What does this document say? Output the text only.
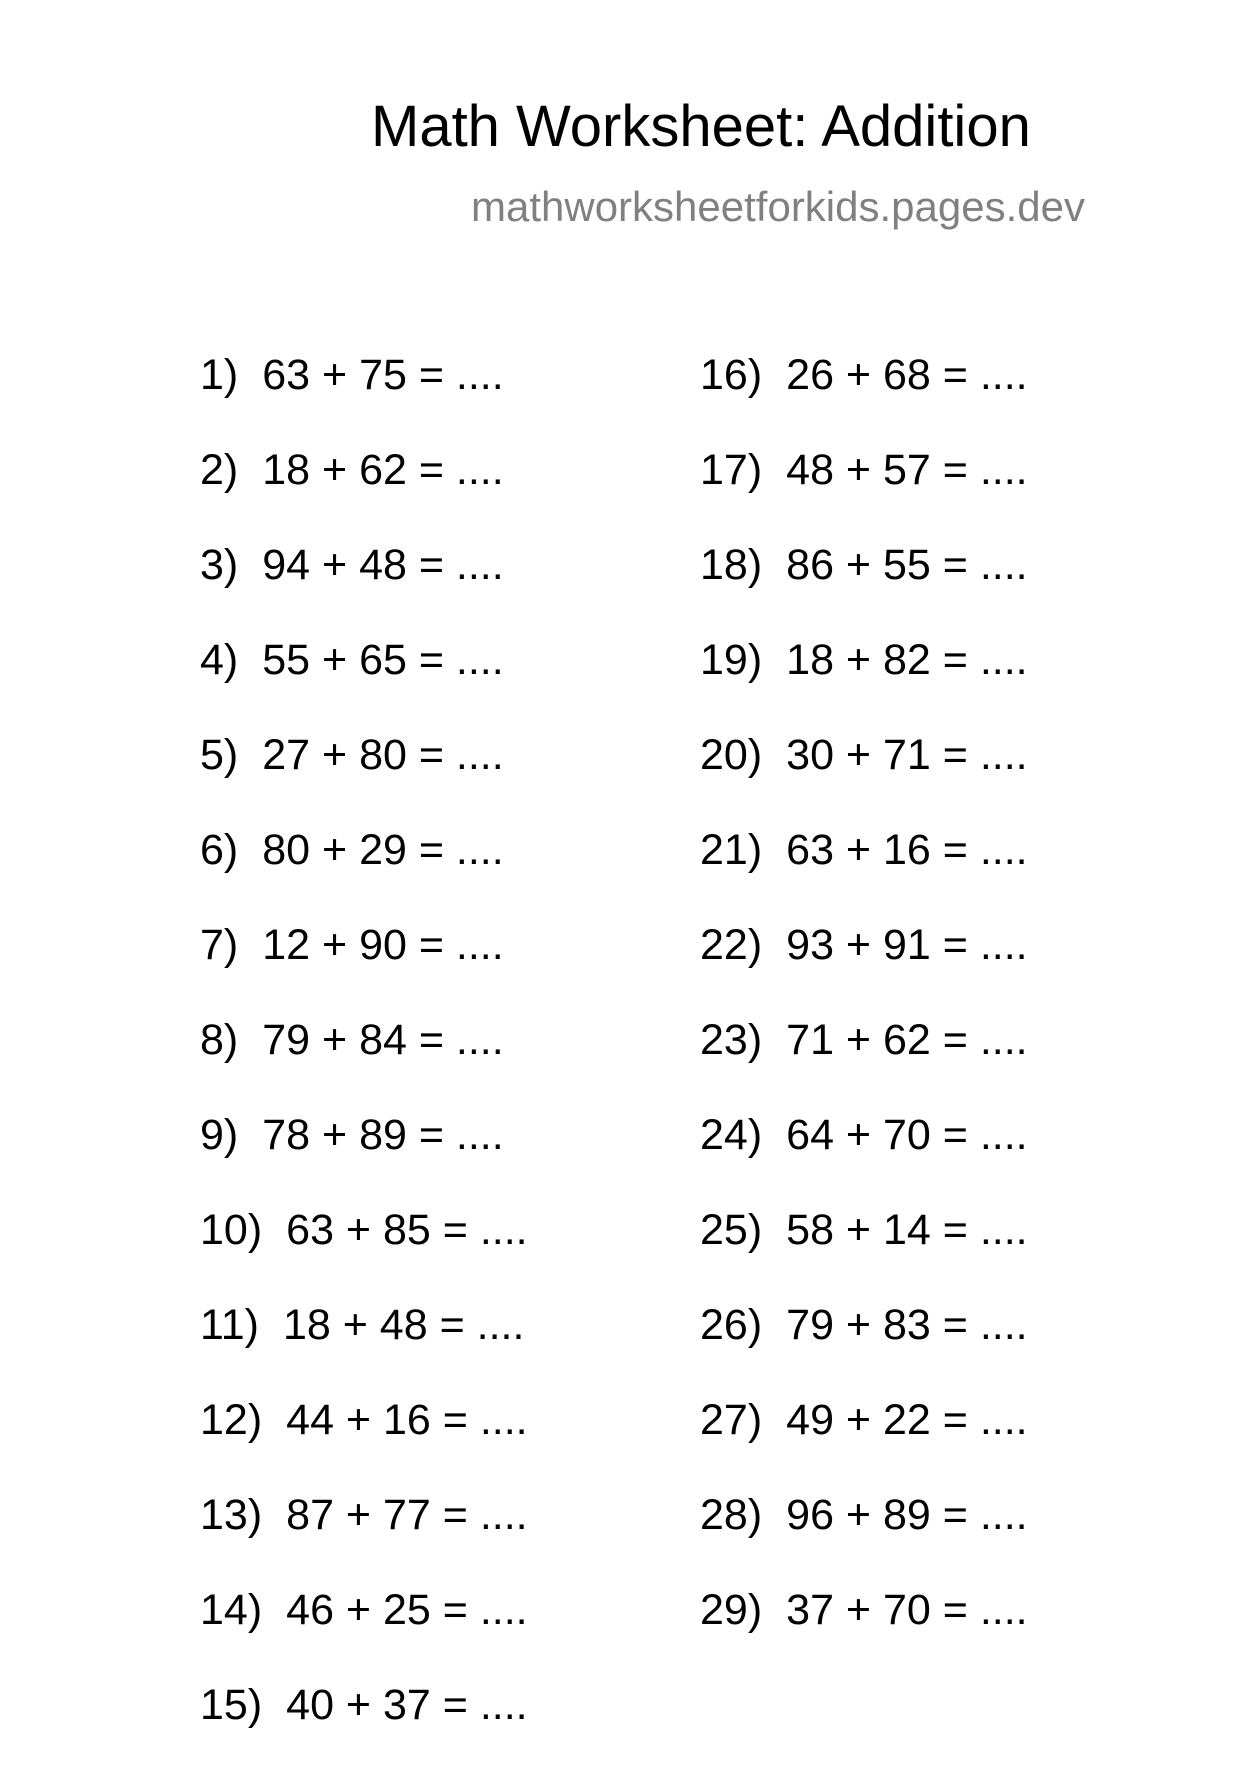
Math Worksheet: Addition
mathworksheetforkids.pages.dev
1) 63 + 75 = ....
2) 18 + 62 = ....
3) 94 + 48 = ....
4) 55 + 65 = ....
5) 27 + 80 = ....
6) 80 + 29 = ....
7) 12 + 90 = ....
8) 79 + 84 = ....
9) 78 + 89 = ....
10) 63 + 85 = ....
11) 18 + 48 = ....
12) 44 + 16 = ....
13) 87 + 77 = ....
14) 46 + 25 = ....
15) 40 + 37 = ....
16) 26 + 68 = ....
17) 48 + 57 = ....
18) 86 + 55 = ....
19) 18 + 82 = ....
20) 30 + 71 = ....
21) 63 + 16 = ....
22) 93 + 91 = ....
23) 71 + 62 = ....
24) 64 + 70 = ....
25) 58 + 14 = ....
26) 79 + 83 = ....
27) 49 + 22 = ....
28) 96 + 89 = ....
29) 37 + 70 = ....
